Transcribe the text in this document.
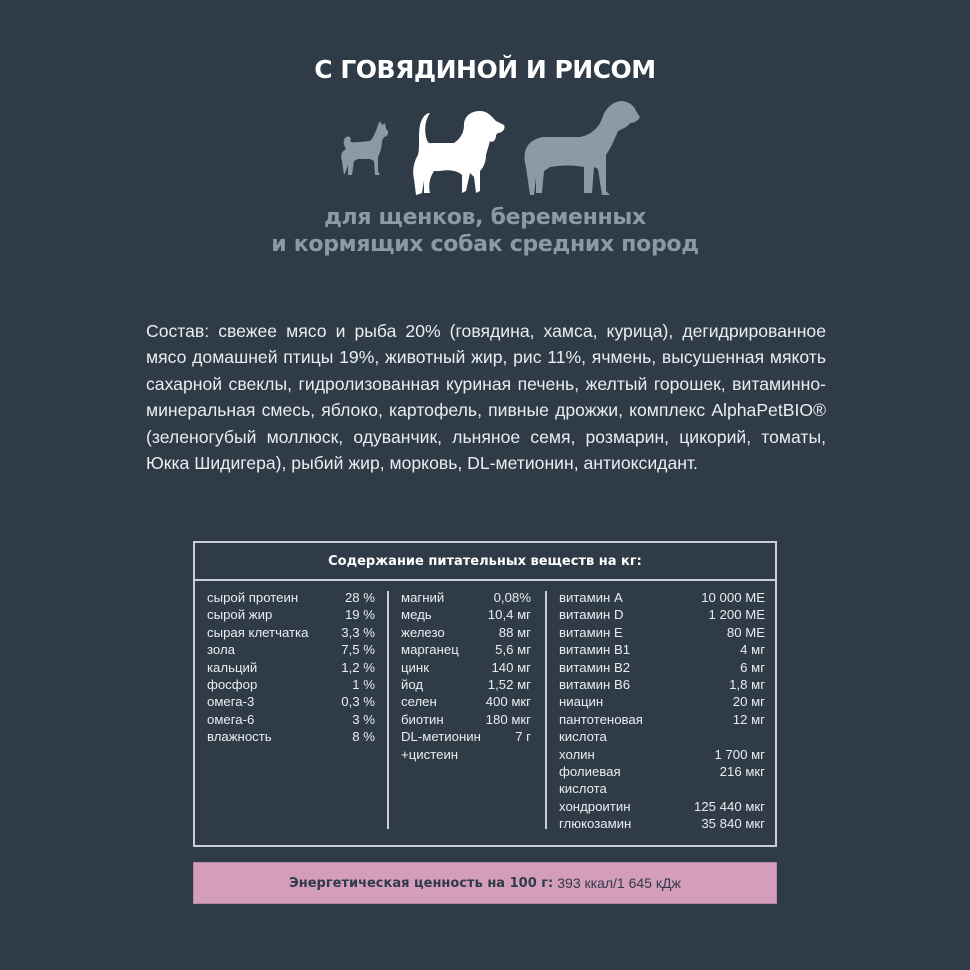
С ГОВЯДИНОЙ И РИСОМ
для щенков, беременных
и кормящих собак средних пород

Состав: свежее мясо и рыба 20% (говядина, хамса, курица), дегидрированное мясо домашней птицы 19%, животный жир, рис 11%, ячмень, высушенная мякоть сахарной свеклы, гидролизованная куриная печень, желтый горошек, витаминно-минеральная смесь, яблоко, картофель, пивные дрожжи, комплекс AlphaPetBIO® (зеленогубый моллюск, одуванчик, льняное семя, розмарин, цикорий, томаты, Юкка Шидигера), рыбий жир, морковь, DL-метионин, антиоксидант.

Содержание питательных веществ на кг:
сырой протеин	28 %
сырой жир	19 %
сырая клетчатка 3,3 %
зола	7,5 %
кальций	1,2 %
фосфор	1 %
омега-3	0,3 %
омега-6	3 %
влажность	8 %
магний	0,08%
медь	10,4 мг
железо	88 мг
марганец	5,6 мг
цинк	140 мг
йод	1,52 мг
селен	400 мкг
биотин	180 мкг
DL-метионин	7 г
+цистеин
витамин A	10 000 МЕ
витамин D	1 200 МЕ
витамин E	80 МЕ
витамин B1	4 мг
витамин B2	6 мг
витамин B6	1,8 мг
ниацин	20 мг
пантотеновая	12 мг
кислота
холин	1 700 мг
фолиевая	216 мкг
кислота
хондроитин	125 440 мкг
глюкозамин	35 840 мкг
Энергетическая ценность на 100 г: 393 ккал/1 645 кДж
